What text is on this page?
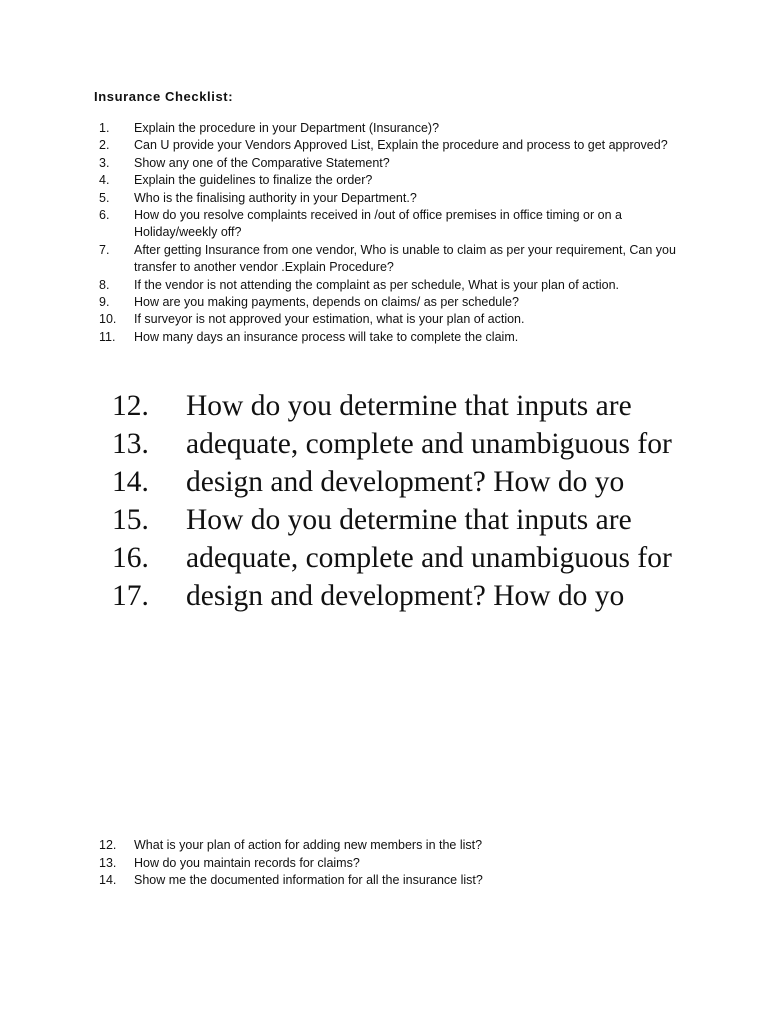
Insurance Checklist:
1.	Explain the procedure in your Department (Insurance)?
2.	Can U provide your Vendors Approved List, Explain the procedure and process to get approved?
3.	Show any one of the Comparative Statement?
4.	Explain the guidelines to finalize the order?
5.	Who is the finalising authority in your Department.?
6.	How do you resolve complaints received in /out of office premises in office timing or on a Holiday/weekly off?
7.	After getting Insurance from one vendor, Who is unable to claim as per your requirement, Can you transfer to another vendor .Explain Procedure?
8.	If the vendor is not attending the complaint as per schedule, What is your plan of action.
9.	How are you making payments, depends on claims/ as per schedule?
10.	If surveyor is not approved your estimation, what is your plan of action.
11.	How many days an insurance process will take to complete the claim.
12. How do you determine that inputs are
13. adequate, complete and unambiguous for
14. design and development? How do yo
15. How do you determine that inputs are
16. adequate, complete and unambiguous for
17. design and development? How do yo
12.	What is your plan of action for adding new members in the list?
13.	How do you maintain records for claims?
14.	Show me the documented information for all the insurance list?
